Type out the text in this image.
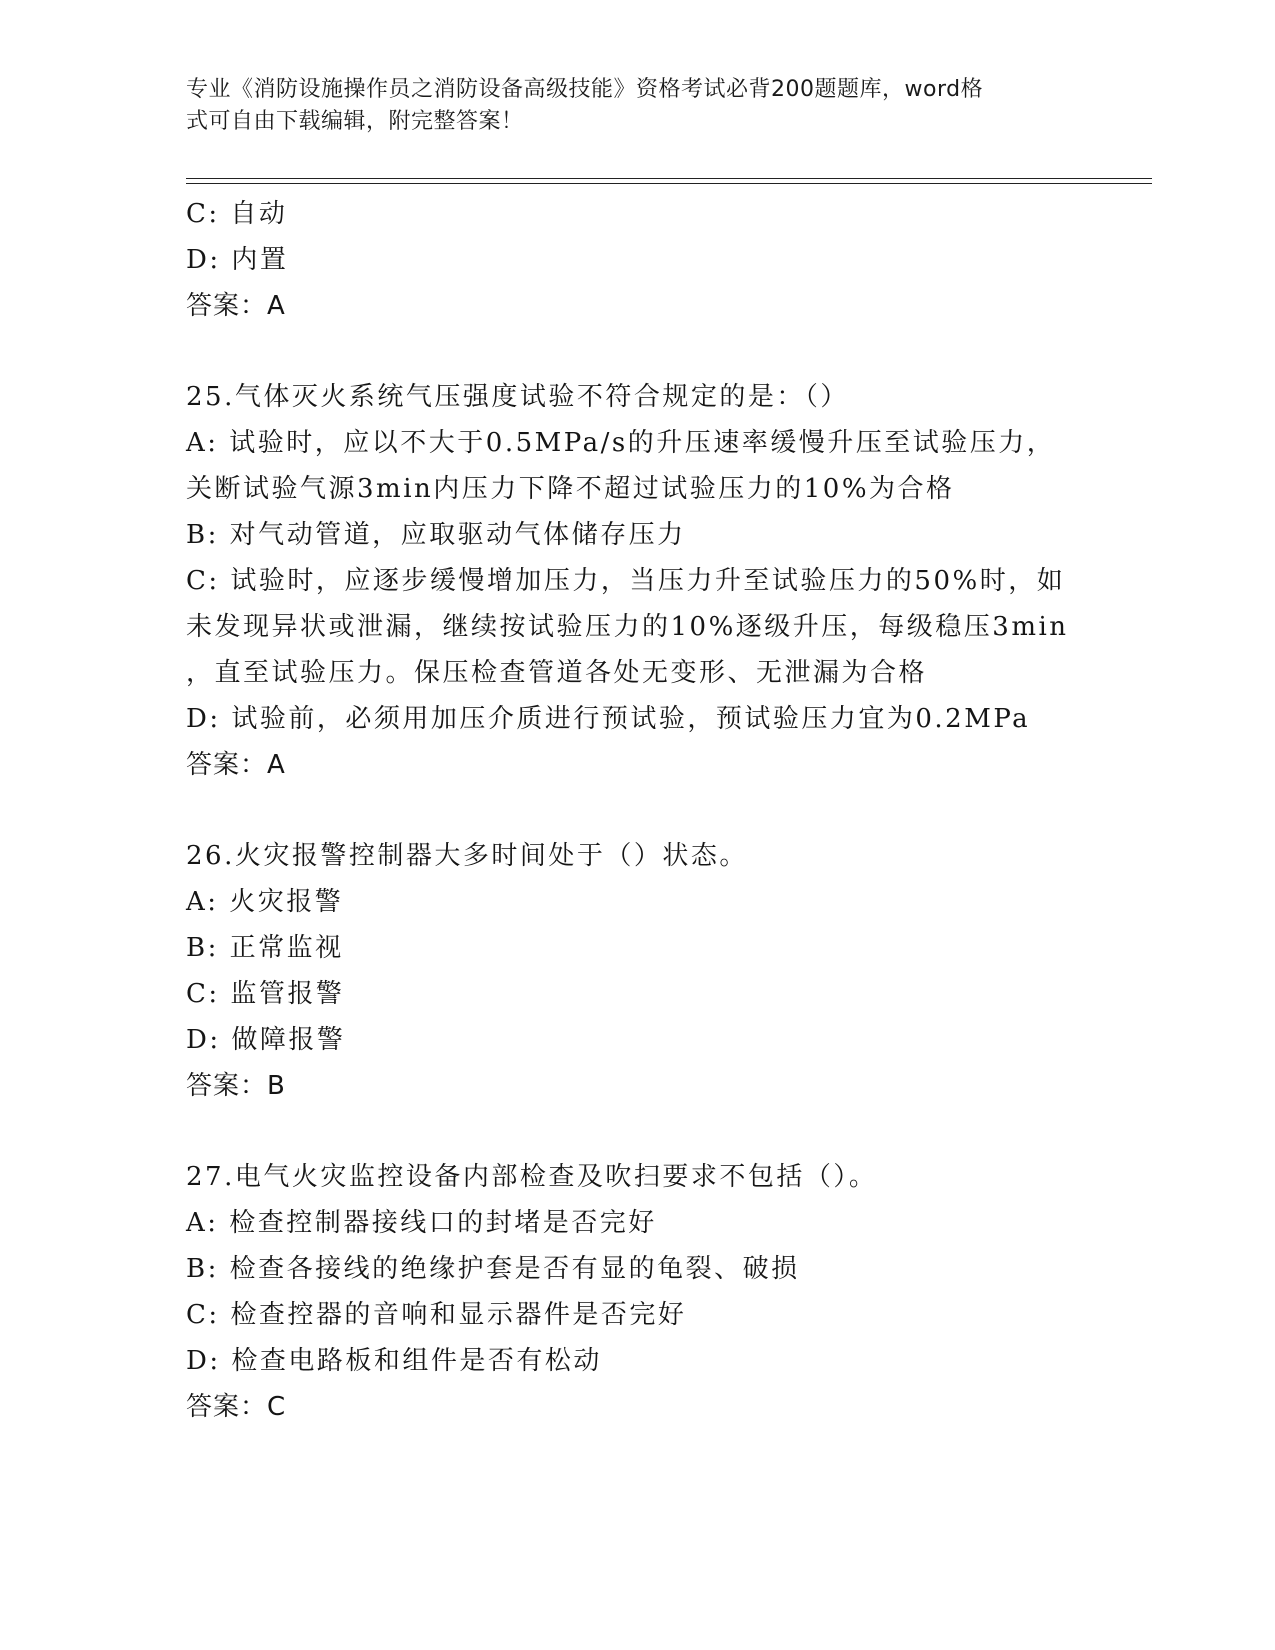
专业《消防设施操作员之消防设备高级技能》资格考试必背200题题库，word格
式可自由下载编辑，附完整答案！
C: 自动
D: 内置
答案：A
25.气体灭火系统气压强度试验不符合规定的是：（）
A: 试验时，应以不大于0.5MPa/s的升压速率缓慢升压至试验压力，
关断试验气源3min内压力下降不超过试验压力的10%为合格
B: 对气动管道，应取驱动气体储存压力
C: 试验时，应逐步缓慢增加压力，当压力升至试验压力的50%时，如
未发现异状或泄漏，继续按试验压力的10%逐级升压，每级稳压3min
，直至试验压力。保压检查管道各处无变形、无泄漏为合格
D: 试验前，必须用加压介质进行预试验，预试验压力宜为0.2MPa
答案：A
26.火灾报警控制器大多时间处于（）状态。
A: 火灾报警
B: 正常监视
C: 监管报警
D: 做障报警
答案：B
27.电气火灾监控设备内部检查及吹扫要求不包括（）。
A: 检查控制器接线口的封堵是否完好
B: 检查各接线的绝缘护套是否有显的龟裂、破损
C: 检查控器的音响和显示器件是否完好
D: 检查电路板和组件是否有松动
答案：C
